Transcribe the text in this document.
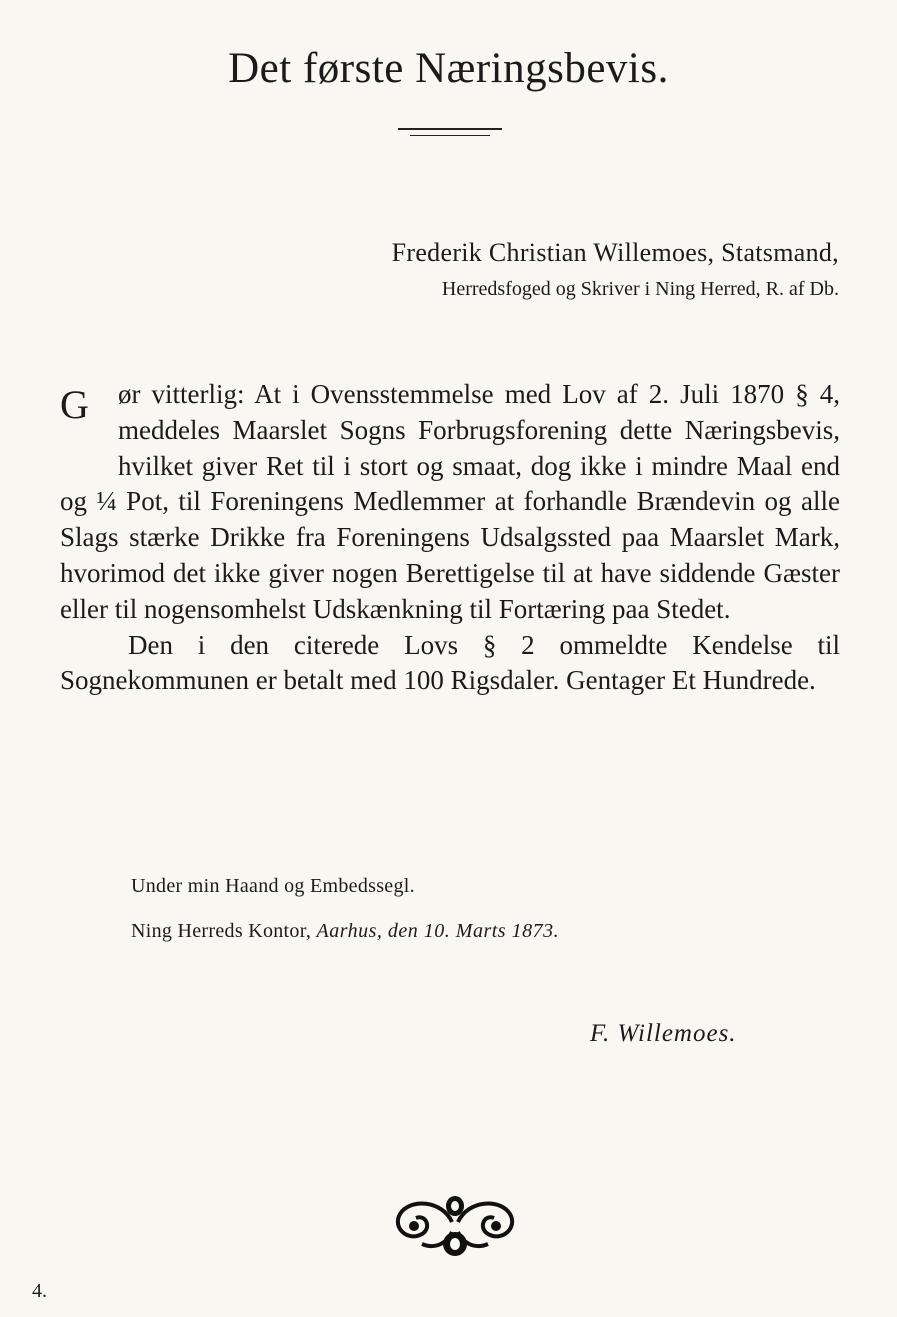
Det første Næringsbevis.
Frederik Christian Willemoes, Statsmand,
Herredsfoged og Skriver i Ning Herred, R. af Db.

G	ør vitterlig: At i Ovensstemmelse med Lov af 2. Juli 1870 § 4, meddeles Maarslet Sogns Forbrugsforening dette Næringsbevis, hvilket giver Ret til i stort og smaat, dog ikke i mindre Maal end og ¼ Pot, til Foreningens Medlemmer at forhandle Brændevin og alle Slags stærke Drikke fra Foreningens Udsalgssted paa Maarslet Mark, hvorimod det ikke giver nogen Berettigelse til at have siddende Gæster eller til nogensomhelst Udskænkning til Fortæring paa Stedet.

Den i den citerede Lovs § 2 ommeldte Kendelse til Sognekommunen er betalt med 100 Rigsdaler. Gentager Et Hundrede.

Under min Haand og Embedssegl.
Ning Herreds Kontor, Aarhus, den 10. Marts 1873.
F. Willemoes.
4.
